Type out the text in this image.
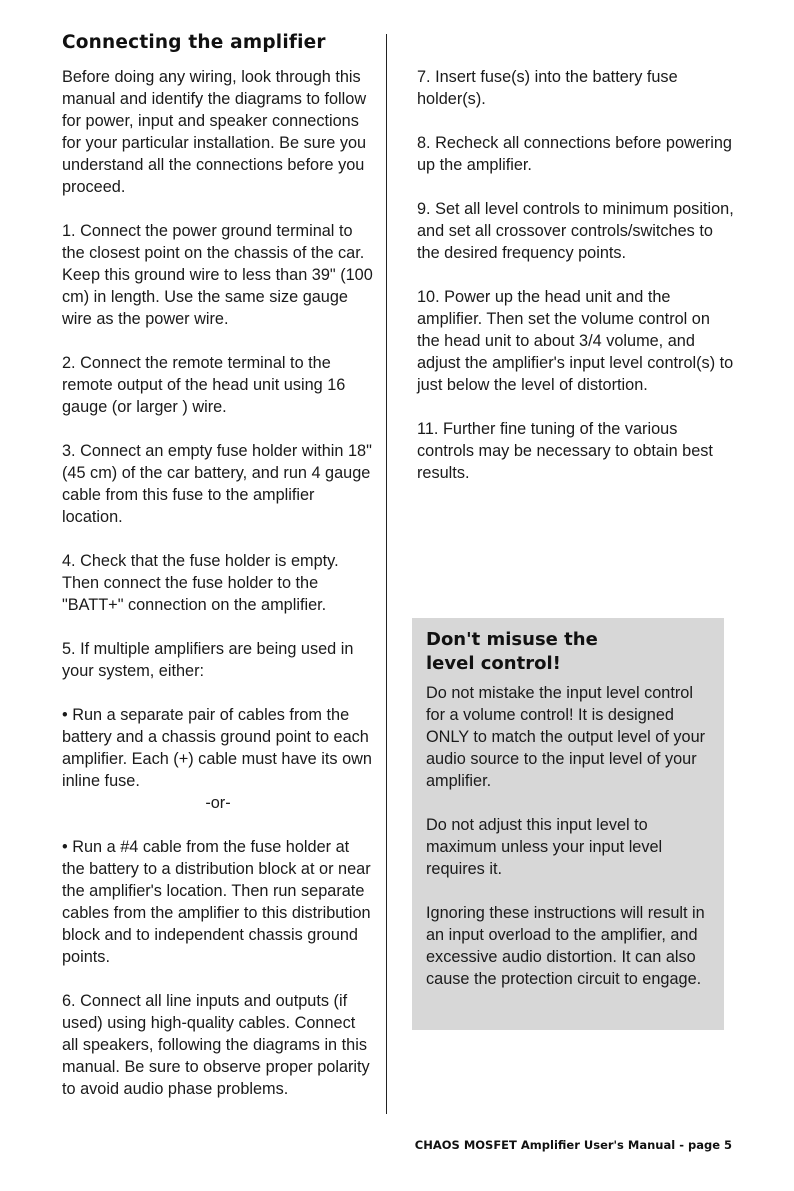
Connecting the amplifier

Before doing any wiring, look through this manual and identify the diagrams to follow for power, input and speaker connections for your particular installation. Be sure you understand all the connections before you proceed.

1. Connect the power ground terminal to the closest point on the chassis of the car. Keep this ground wire to less than 39" (100 cm) in length. Use the same size gauge wire as the power wire.

2. Connect the remote terminal to the remote output of the head unit using 16 gauge (or larger ) wire.

3. Connect an empty fuse holder within 18" (45 cm) of the car battery, and run 4 gauge cable from this fuse to the amplifier location.

4. Check that the fuse holder is empty. Then connect the fuse holder to the "BATT+" connection on the amplifier.

5. If multiple amplifiers are being used in your system, either:

• Run a separate pair of cables from the battery and a chassis ground point to each amplifier. Each (+) cable must have its own inline fuse.

-or-

• Run a #4 cable from the fuse holder at the battery to a distribution block at or near the amplifier's location. Then run separate cables from the amplifier to this distribution block and to independent chassis ground points.

6. Connect all line inputs and outputs (if used) using high-quality cables. Connect all speakers, following the diagrams in this manual. Be sure to observe proper polarity to avoid audio phase problems.

7. Insert fuse(s) into the battery fuse holder(s).

8. Recheck all connections before powering up the amplifier.

9. Set all level controls to minimum position, and set all crossover controls/switches to the desired frequency points.

10. Power up the head unit and the amplifier. Then set the volume control on the head unit to about 3/4 volume, and adjust the amplifier's input level control(s) to just below the level of distortion.

11. Further fine tuning of the various controls may be necessary to obtain best results.

Don't misuse the
level control!

Do not mistake the input level control for a volume control! It is designed ONLY to match the output level of your audio source to the input level of your amplifier.

Do not adjust this input level to maximum unless your input level requires it.

Ignoring these instructions will result in an input overload to the amplifier, and excessive audio distortion. It can also cause the protection circuit to engage.

CHAOS MOSFET Amplifier User's Manual - page 5
